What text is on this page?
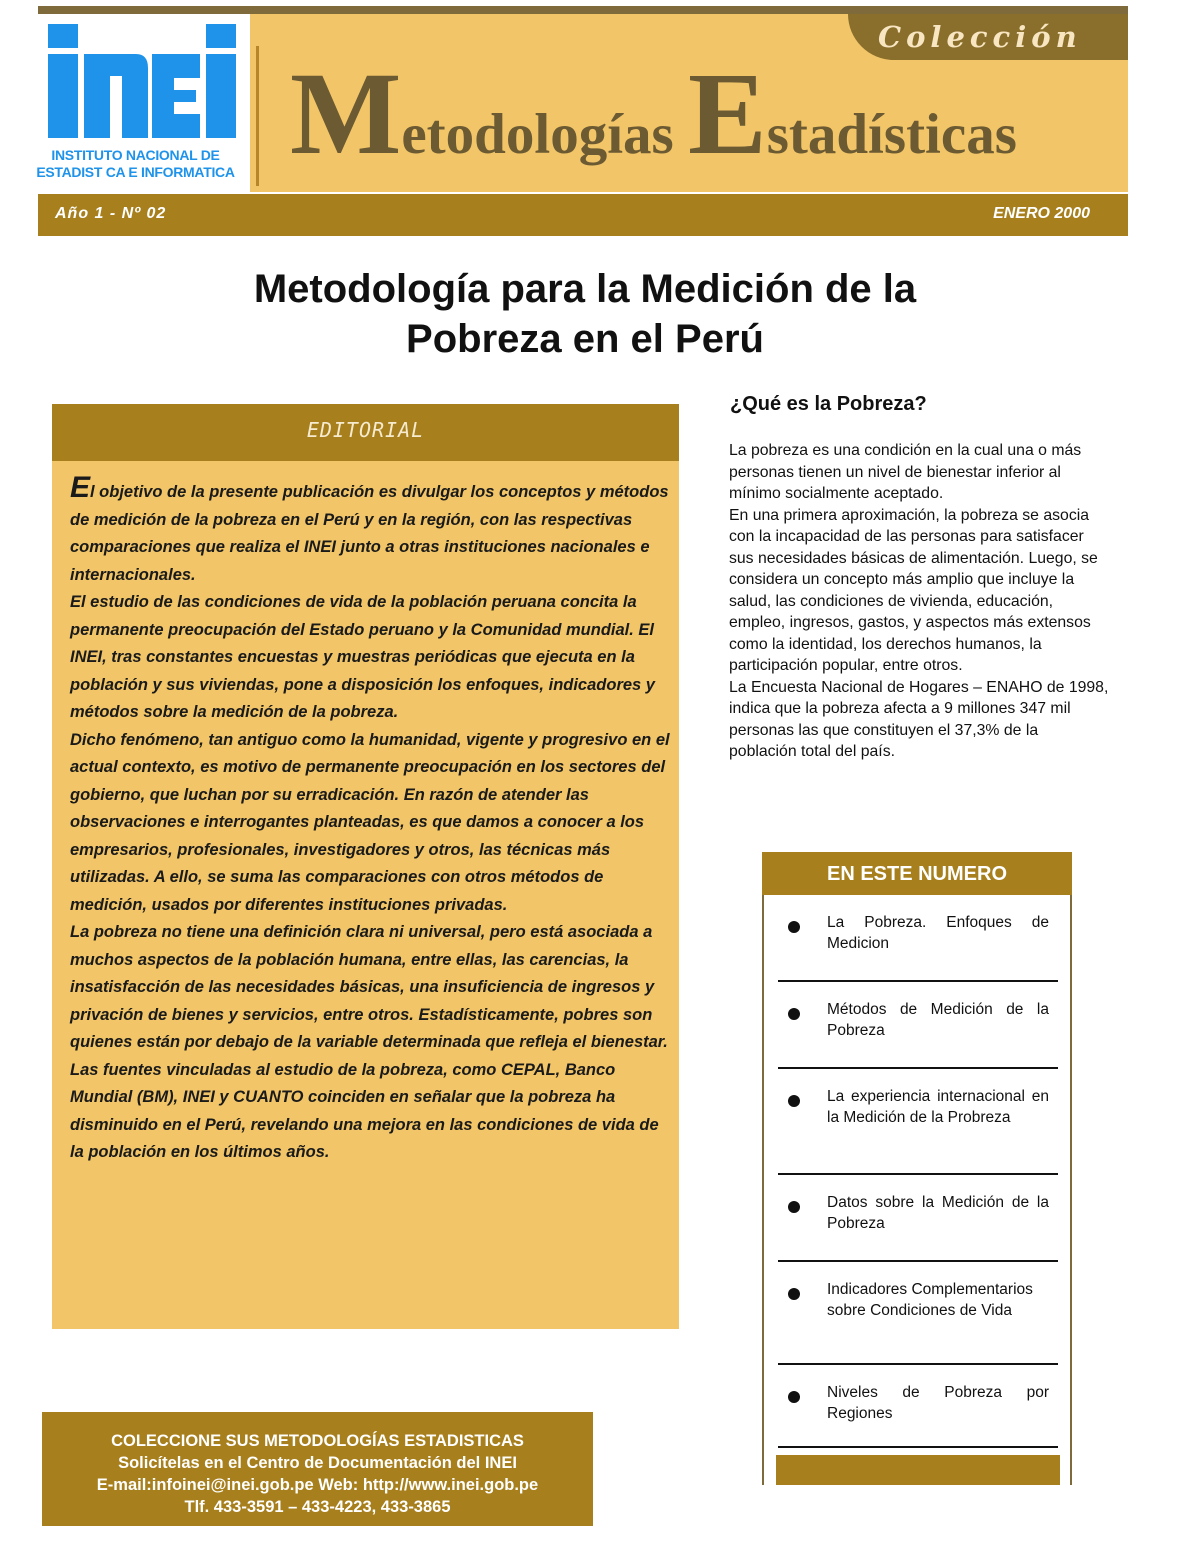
Colección
Metodologías Estadísticas
INSTITUTO NACIONAL DE
ESTADIST CA E INFORMATICA
Año 1 - Nº 02	ENERO 2000
Metodología para la Medición de la
Pobreza en el Perú
EDITORIAL

El objetivo de la presente publicación es divulgar los conceptos y métodos de medición de la pobreza en el Perú y en la región, con las respectivas comparaciones que realiza el INEI junto a otras instituciones nacionales e internacionales.

El estudio de las condiciones de vida de la población peruana concita la permanente preocupación del Estado peruano y la Comunidad mundial. El INEI, tras constantes encuestas y muestras periódicas que ejecuta en la población y sus viviendas, pone a disposición los enfoques, indicadores y métodos sobre la medición de la pobreza.

Dicho fenómeno, tan antiguo como la humanidad, vigente y progresivo en el actual contexto, es motivo de permanente preocupación en los sectores del gobierno, que luchan por su erradicación. En razón de atender las observaciones e interrogantes planteadas, es que damos a conocer a los empresarios, profesionales, investigadores y otros, las técnicas más utilizadas. A ello, se suma las comparaciones con otros métodos de medición, usados por diferentes instituciones privadas.

La pobreza no tiene una definición clara ni universal, pero está asociada a muchos aspectos de la población humana, entre ellas, las carencias, la insatisfacción de las necesidades básicas, una insuficiencia de ingresos y privación de bienes y servicios, entre otros. Estadísticamente, pobres son quienes están por debajo de la variable determinada que refleja el bienestar.

Las fuentes vinculadas al estudio de la pobreza, como CEPAL, Banco Mundial (BM), INEI y CUANTO coinciden en señalar que la pobreza ha disminuido en el Perú, revelando una mejora en las condiciones de vida de la población en los últimos años.

¿Qué es la Pobreza?

La pobreza es una condición en la cual una o más personas tienen un nivel de bienestar inferior al mínimo socialmente aceptado.

En una primera aproximación, la pobreza se asocia con la incapacidad de las personas para satisfacer sus necesidades básicas de alimentación. Luego, se considera un concepto más amplio que incluye la salud, las condiciones de vivienda, educación, empleo, ingresos, gastos, y aspectos más extensos como la identidad, los derechos humanos, la participación popular, entre otros.

La Encuesta Nacional de Hogares – ENAHO de 1998, indica que la pobreza afecta a 9 millones 347 mil personas las que constituyen el 37,3% de la población total del país.

EN ESTE NUMERO
La Pobreza. Enfoques de Medicion
Métodos de Medición de la Pobreza
La experiencia internacional en la Medición de la Probreza
Datos sobre la Medición de la Pobreza
Indicadores Complementarios sobre Condiciones de Vida
Niveles de Pobreza por Regiones
COLECCIONE SUS METODOLOGÍAS ESTADISTICAS
Solicítelas en el Centro de Documentación del INEI
E-mail:infoinei@inei.gob.pe Web: http://www.inei.gob.pe
Tlf. 433-3591 – 433-4223, 433-3865
